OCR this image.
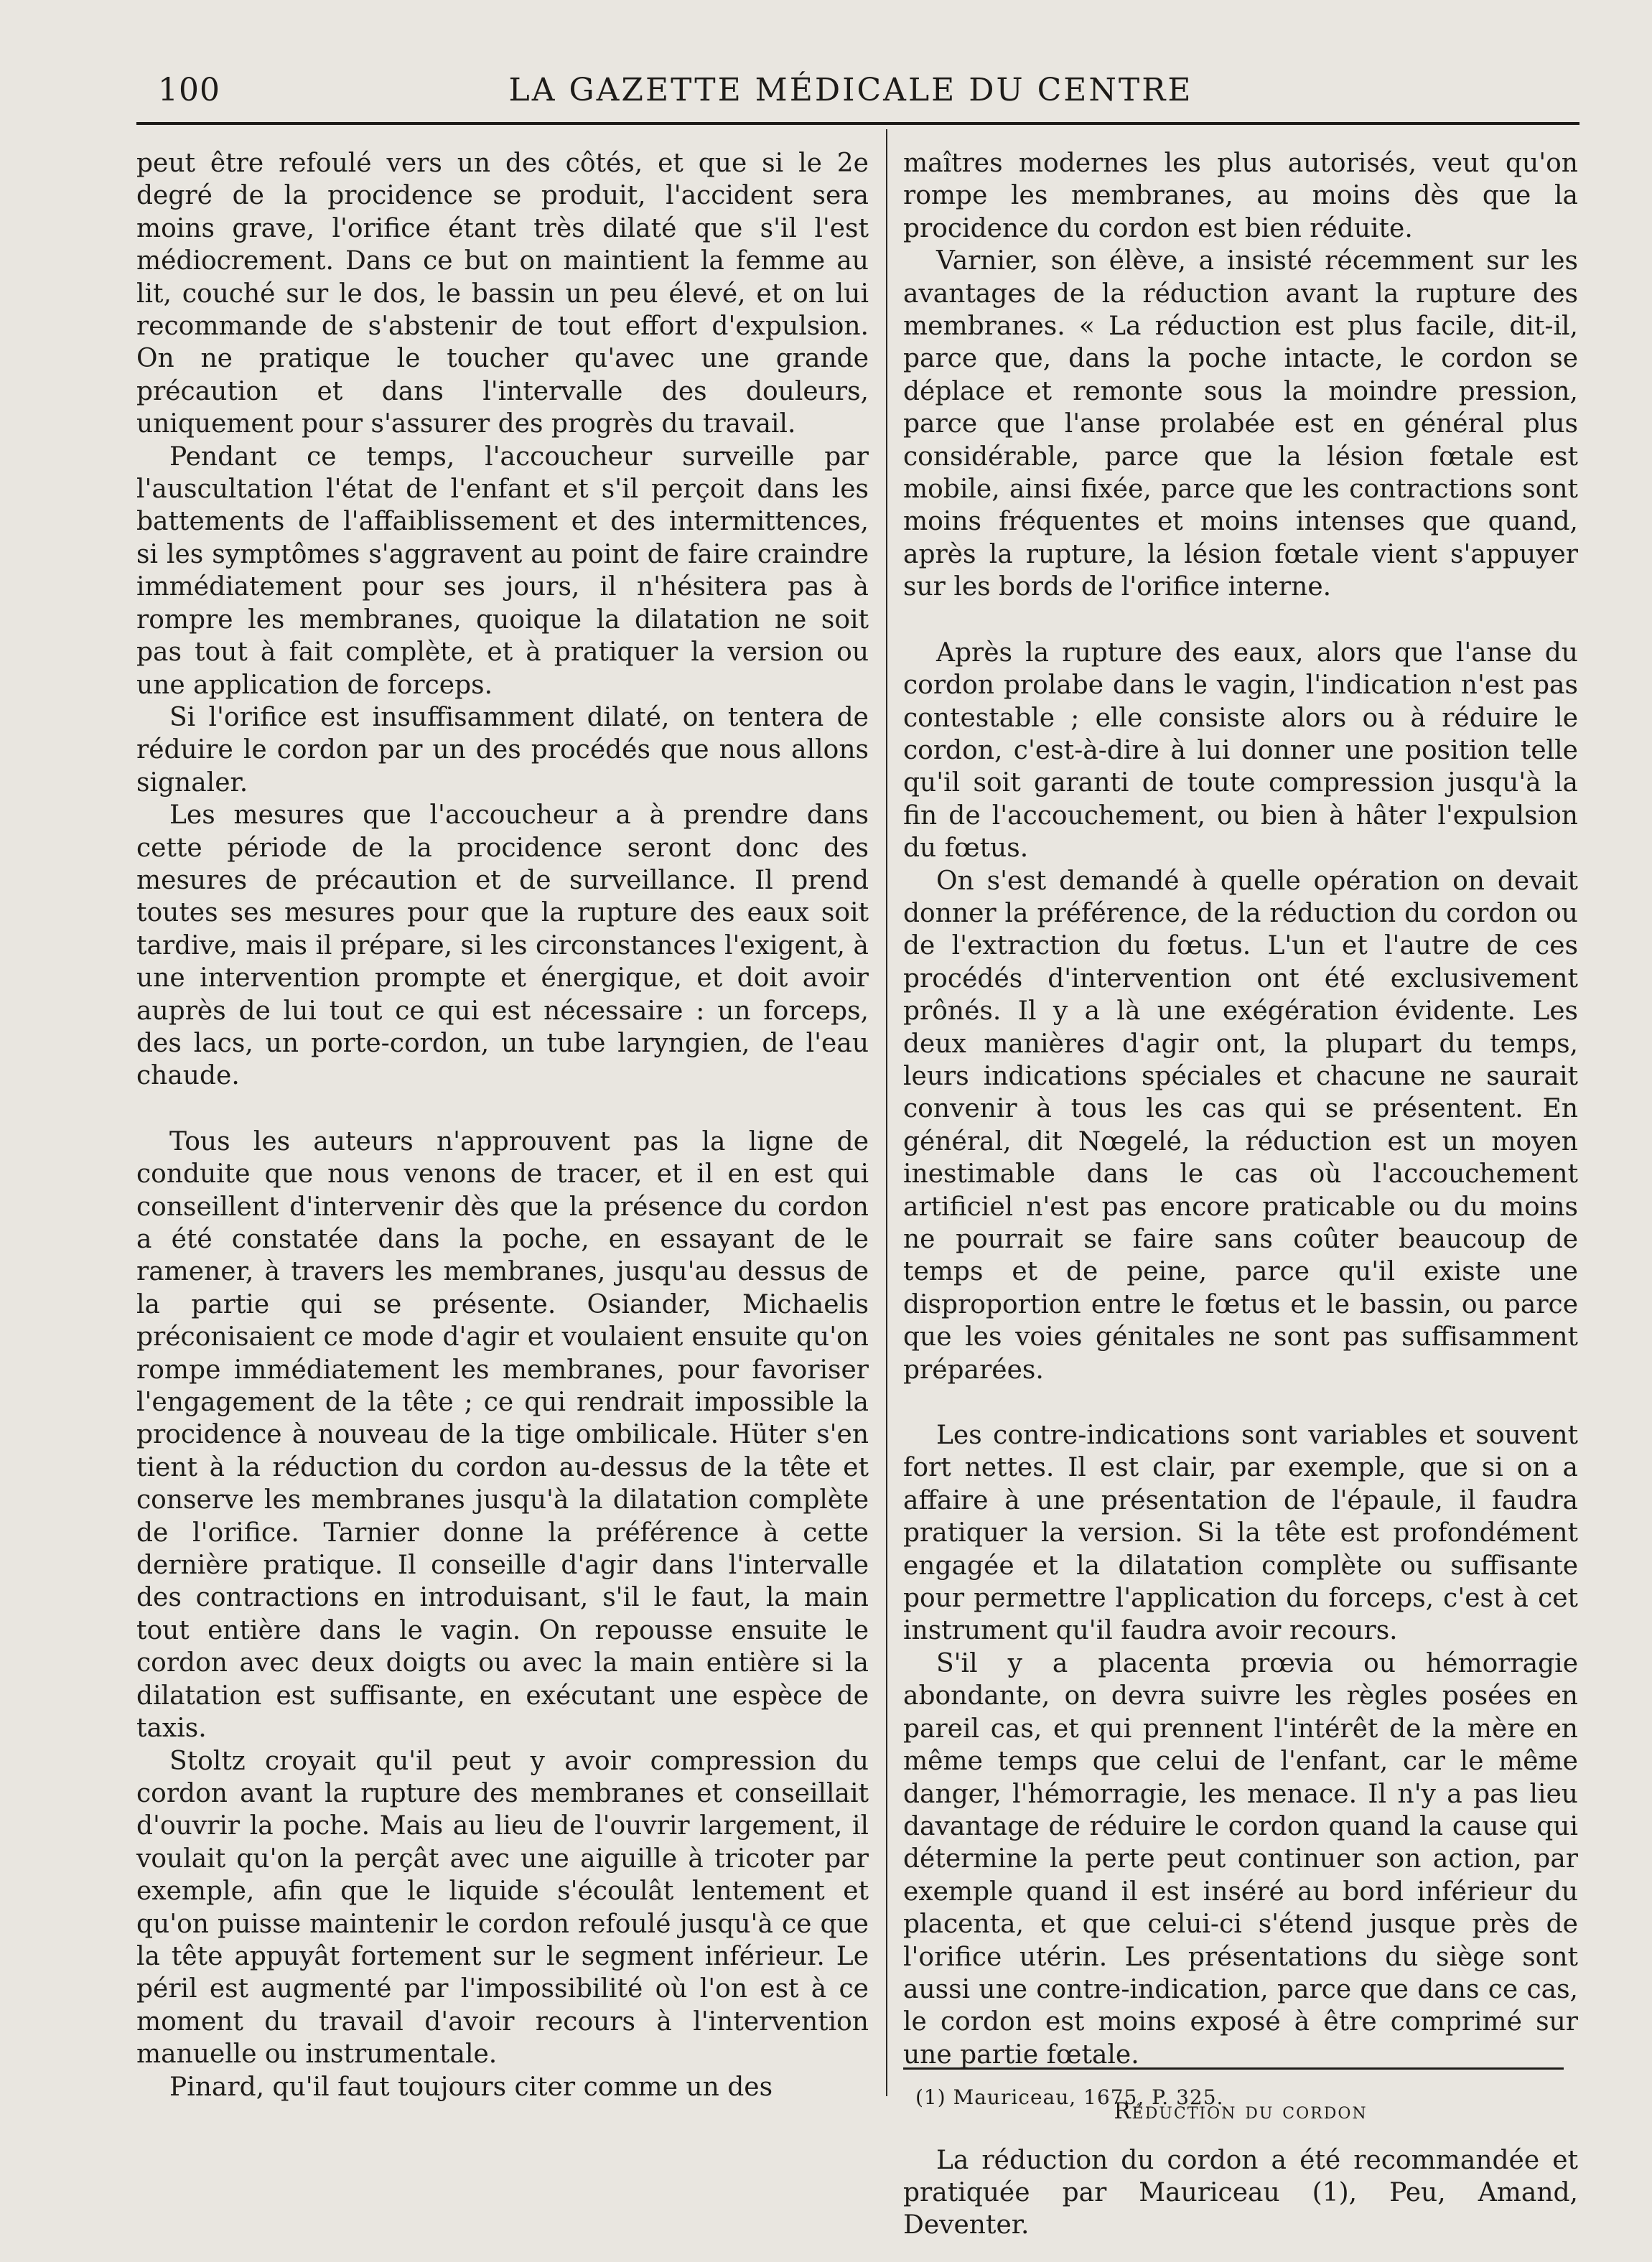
100	LA GAZETTE MÉDICALE DU CENTRE

peut être refoulé vers un des côtés, et que si le 2e degré de la procidence se produit, l'accident sera moins grave, l'orifice étant très dilaté que s'il l'est médiocrement. Dans ce but on maintient la femme au lit, couché sur le dos, le bassin un peu élevé, et on lui recommande de s'abstenir de tout effort d'expulsion. On ne pratique le toucher qu'avec une grande précaution et dans l'intervalle des douleurs, uniquement pour s'assurer des progrès du travail.

Pendant ce temps, l'accoucheur surveille par l'auscultation l'état de l'enfant et s'il perçoit dans les battements de l'affaiblissement et des intermittences, si les symptômes s'aggravent au point de faire craindre immédiatement pour ses jours, il n'hésitera pas à rompre les membranes, quoique la dilatation ne soit pas tout à fait complète, et à pratiquer la version ou une application de forceps.

Si l'orifice est insuffisamment dilaté, on tentera de réduire le cordon par un des procédés que nous allons signaler.

Les mesures que l'accoucheur a à prendre dans cette période de la procidence seront donc des mesures de précaution et de surveillance. Il prend toutes ses mesures pour que la rupture des eaux soit tardive, mais il prépare, si les circonstances l'exigent, à une intervention prompte et énergique, et doit avoir auprès de lui tout ce qui est nécessaire : un forceps, des lacs, un porte-cordon, un tube laryngien, de l'eau chaude.

Tous les auteurs n'approuvent pas la ligne de conduite que nous venons de tracer, et il en est qui conseillent d'intervenir dès que la présence du cordon a été constatée dans la poche, en essayant de le ramener, à travers les membranes, jusqu'au dessus de la partie qui se présente. Osiander, Michaelis préconisaient ce mode d'agir et voulaient ensuite qu'on rompe immédiatement les membranes, pour favoriser l'engagement de la tête ; ce qui rendrait impossible la procidence à nouveau de la tige ombilicale. Hüter s'en tient à la réduction du cordon au-dessus de la tête et conserve les membranes jusqu'à la dilatation complète de l'orifice. Tarnier donne la préférence à cette dernière pratique. Il conseille d'agir dans l'intervalle des contractions en introduisant, s'il le faut, la main tout entière dans le vagin. On repousse ensuite le cordon avec deux doigts ou avec la main entière si la dilatation est suffisante, en exécutant une espèce de taxis.

Stoltz croyait qu'il peut y avoir compression du cordon avant la rupture des membranes et conseillait d'ouvrir la poche. Mais au lieu de l'ouvrir largement, il voulait qu'on la perçât avec une aiguille à tricoter par exemple, afin que le liquide s'écoulât lentement et qu'on puisse maintenir le cordon refoulé jusqu'à ce que la tête appuyât fortement sur le segment inférieur. Le péril est augmenté par l'impossibilité où l'on est à ce moment du travail d'avoir recours à l'intervention manuelle ou instrumentale.

Pinard, qu'il faut toujours citer comme un des

maîtres modernes les plus autorisés, veut qu'on rompe les membranes, au moins dès que la procidence du cordon est bien réduite.

Varnier, son élève, a insisté récemment sur les avantages de la réduction avant la rupture des membranes. « La réduction est plus facile, dit-il, parce que, dans la poche intacte, le cordon se déplace et remonte sous la moindre pression, parce que l'anse prolabée est en général plus considérable, parce que la lésion fœtale est mobile, ainsi fixée, parce que les contractions sont moins fréquentes et moins intenses que quand, après la rupture, la lésion fœtale vient s'appuyer sur les bords de l'orifice interne.

Après la rupture des eaux, alors que l'anse du cordon prolabe dans le vagin, l'indication n'est pas contestable ; elle consiste alors ou à réduire le cordon, c'est-à-dire à lui donner une position telle qu'il soit garanti de toute compression jusqu'à la fin de l'accouchement, ou bien à hâter l'expulsion du fœtus.

On s'est demandé à quelle opération on devait donner la préférence, de la réduction du cordon ou de l'extraction du fœtus. L'un et l'autre de ces procédés d'intervention ont été exclusivement prônés. Il y a là une exégération évidente. Les deux manières d'agir ont, la plupart du temps, leurs indications spéciales et chacune ne saurait convenir à tous les cas qui se présentent. En général, dit Nœgelé, la réduction est un moyen inestimable dans le cas où l'accouchement artificiel n'est pas encore praticable ou du moins ne pourrait se faire sans coûter beaucoup de temps et de peine, parce qu'il existe une disproportion entre le fœtus et le bassin, ou parce que les voies génitales ne sont pas suffisamment préparées.

Les contre-indications sont variables et souvent fort nettes. Il est clair, par exemple, que si on a affaire à une présentation de l'épaule, il faudra pratiquer la version. Si la tête est profondément engagée et la dilatation complète ou suffisante pour permettre l'application du forceps, c'est à cet instrument qu'il faudra avoir recours.

S'il y a placenta prœvia ou hémorragie abondante, on devra suivre les règles posées en pareil cas, et qui prennent l'intérêt de la mère en même temps que celui de l'enfant, car le même danger, l'hémorragie, les menace. Il n'y a pas lieu davantage de réduire le cordon quand la cause qui détermine la perte peut continuer son action, par exemple quand il est inséré au bord inférieur du placenta, et que celui-ci s'étend jusque près de l'orifice utérin. Les présentations du siège sont aussi une contre-indication, parce que dans ce cas, le cordon est moins exposé à être comprimé sur une partie fœtale.

Réduction du cordon

La réduction du cordon a été recommandée et pratiquée par Mauriceau (1), Peu, Amand, Deventer.

(1) Mauriceau, 1675, P. 325.
